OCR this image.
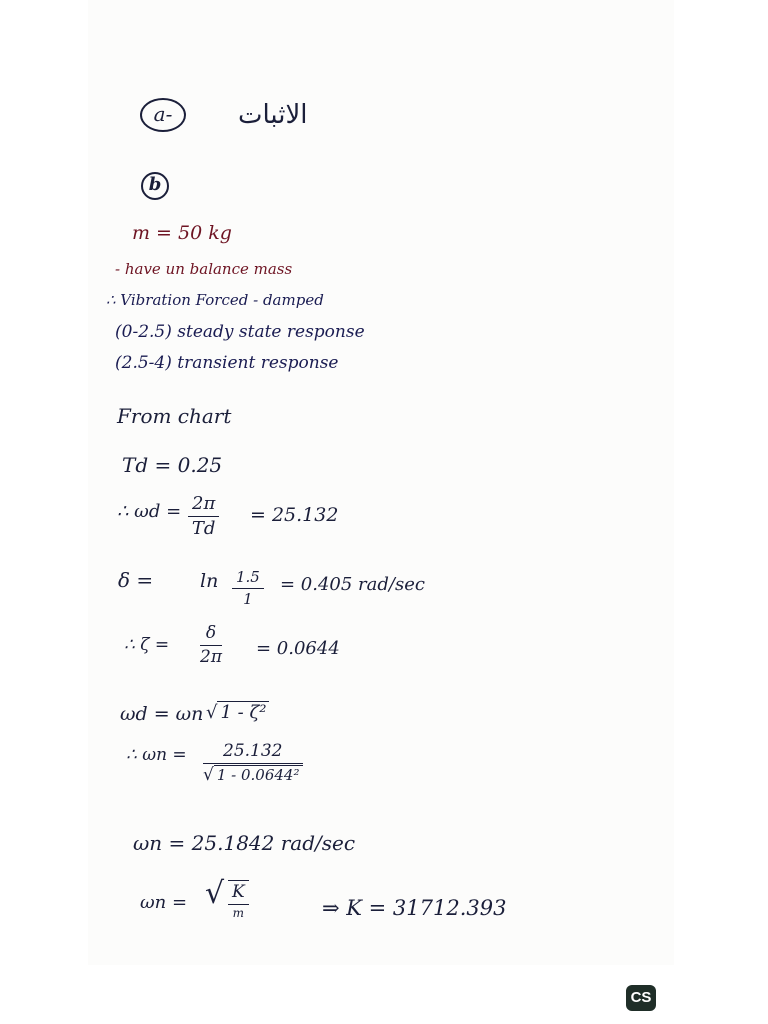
a-	الاثبات
b
m = 50 kg
- have un balance mass
∴ Vibration Forced - damped
(0-2.5) steady state response
(2.5-4) transient response
From chart
Td = 0.25
∴ $\omega d = \frac{2\pi}{Td} = 25.132$
$\delta = \ln \frac{1.5}{1} = 0.405$ rad/sec
∴ $\zeta = \frac{\delta}{2\pi} = 0.0644$
ωd = ωn √ 1 - ζ²
∴ $\omega n = \frac{25.132}{\text{√ 1 - 0.0644²}}$
ωn = 25.1842 rad/sec
ωn = √ K
m	⇒ K = 31712.393
CS
